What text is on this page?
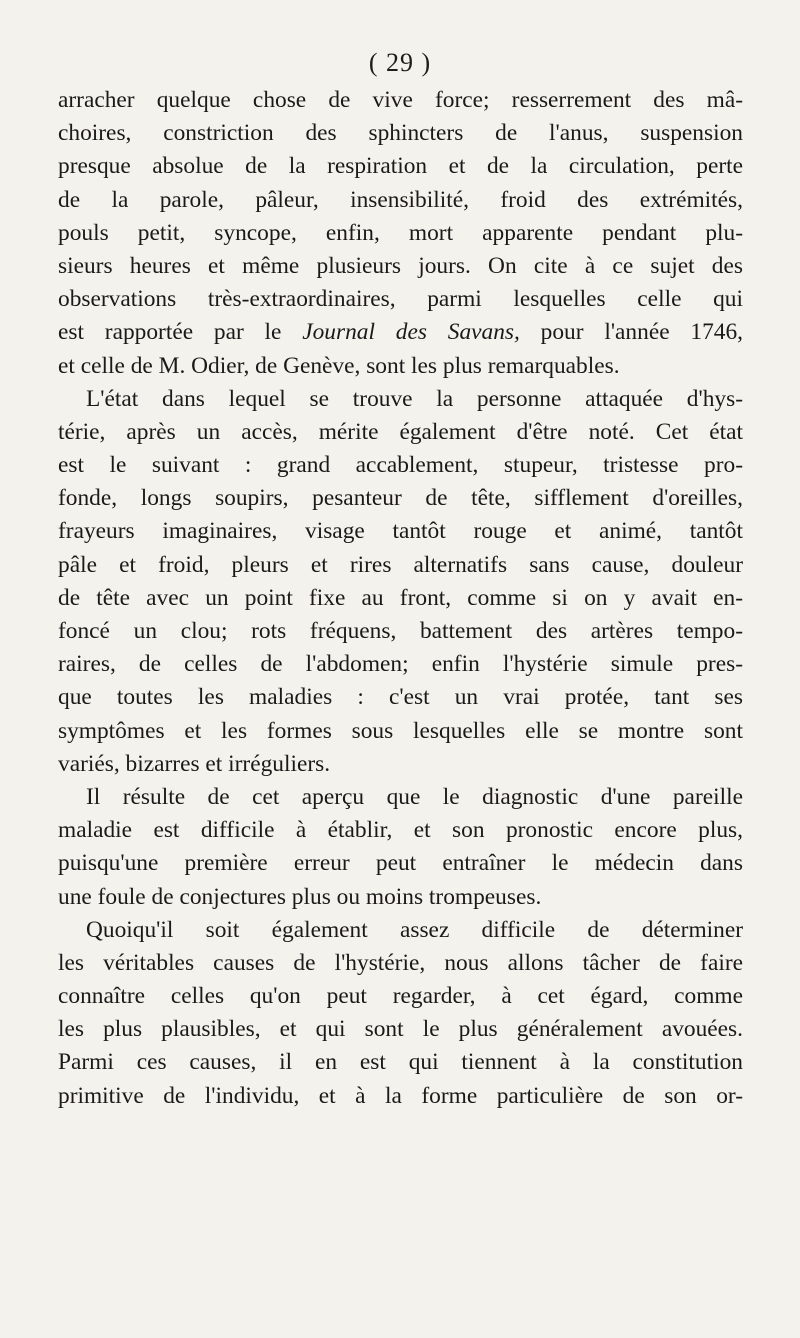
( 29 )
arracher quelque chose de vive force; resserrement des mâ-
choires, constriction des sphincters de l'anus, suspension
presque absolue de la respiration et de la circulation, perte
de la parole, pâleur, insensibilité, froid des extrémités,
pouls petit, syncope, enfin, mort apparente pendant plu-
sieurs heures et même plusieurs jours. On cite à ce sujet des
observations très-extraordinaires, parmi lesquelles celle qui
est rapportée par le Journal des Savans, pour l'année 1746,
et celle de M. Odier, de Genève, sont les plus remarquables.
L'état dans lequel se trouve la personne attaquée d'hys-
térie, après un accès, mérite également d'être noté. Cet état
est le suivant : grand accablement, stupeur, tristesse pro-
fonde, longs soupirs, pesanteur de tête, sifflement d'oreilles,
frayeurs imaginaires, visage tantôt rouge et animé, tantôt
pâle et froid, pleurs et rires alternatifs sans cause, douleur
de tête avec un point fixe au front, comme si on y avait en-
foncé un clou; rots fréquens, battement des artères tempo-
raires, de celles de l'abdomen; enfin l'hystérie simule pres-
que toutes les maladies : c'est un vrai protée, tant ses
symptômes et les formes sous lesquelles elle se montre sont
variés, bizarres et irréguliers.
Il résulte de cet aperçu que le diagnostic d'une pareille
maladie est difficile à établir, et son pronostic encore plus,
puisqu'une première erreur peut entraîner le médecin dans
une foule de conjectures plus ou moins trompeuses.
Quoiqu'il soit également assez difficile de déterminer
les véritables causes de l'hystérie, nous allons tâcher de faire
connaître celles qu'on peut regarder, à cet égard, comme
les plus plausibles, et qui sont le plus généralement avouées.
Parmi ces causes, il en est qui tiennent à la constitution
primitive de l'individu, et à la forme particulière de son or-
